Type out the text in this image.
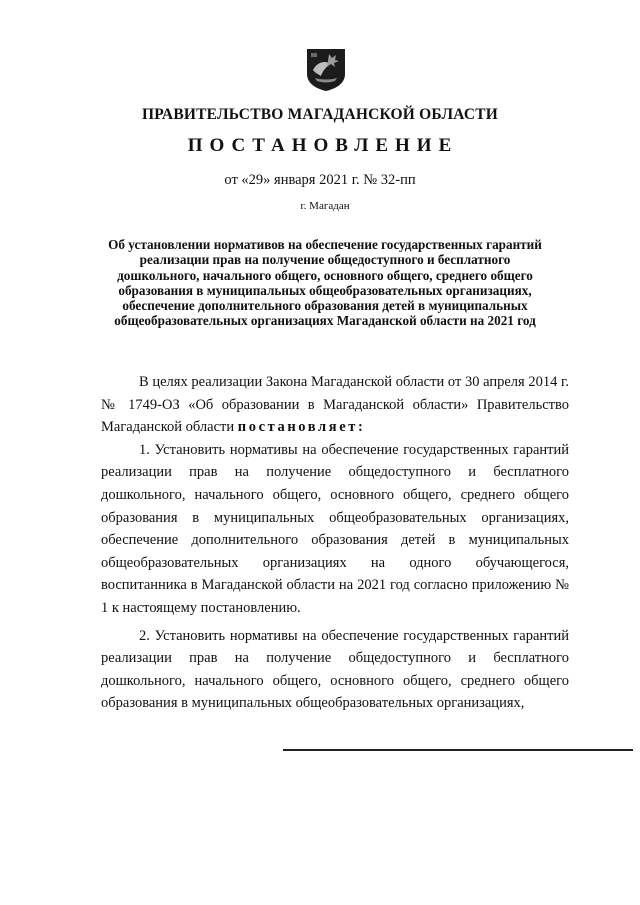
ПРАВИТЕЛЬСТВО МАГАДАНСКОЙ ОБЛАСТИ
ПОСТАНОВЛЕНИЕ
от «29» января 2021 г. № 32-пп
г. Магадан
Об установлении нормативов на обеспечение государственных гарантий реализации прав на получение общедоступного и бесплатного дошкольного, начального общего, основного общего, среднего общего образования в муниципальных общеобразовательных организациях, обеспечение дополнительного образования детей в муниципальных общеобразовательных организациях Магаданской области на 2021 год

В целях реализации Закона Магаданской области от 30 апреля 2014 г. № 1749-ОЗ «Об образовании в Магаданской области» Правительство Магаданской области постановляет:

1. Установить нормативы на обеспечение государственных гарантий реализации прав на получение общедоступного и бесплатного дошкольного, начального общего, основного общего, среднего общего образования в муниципальных общеобразовательных организациях, обеспечение дополнительного образования детей в муниципальных общеобразовательных организациях на одного обучающегося, воспитанника в Магаданской области на 2021 год согласно приложению № 1 к настоящему постановлению.

2. Установить нормативы на обеспечение государственных гарантий реализации прав на получение общедоступного и бесплатного дошкольного, начального общего, основного общего, среднего общего образования в муниципальных общеобразовательных организациях,
